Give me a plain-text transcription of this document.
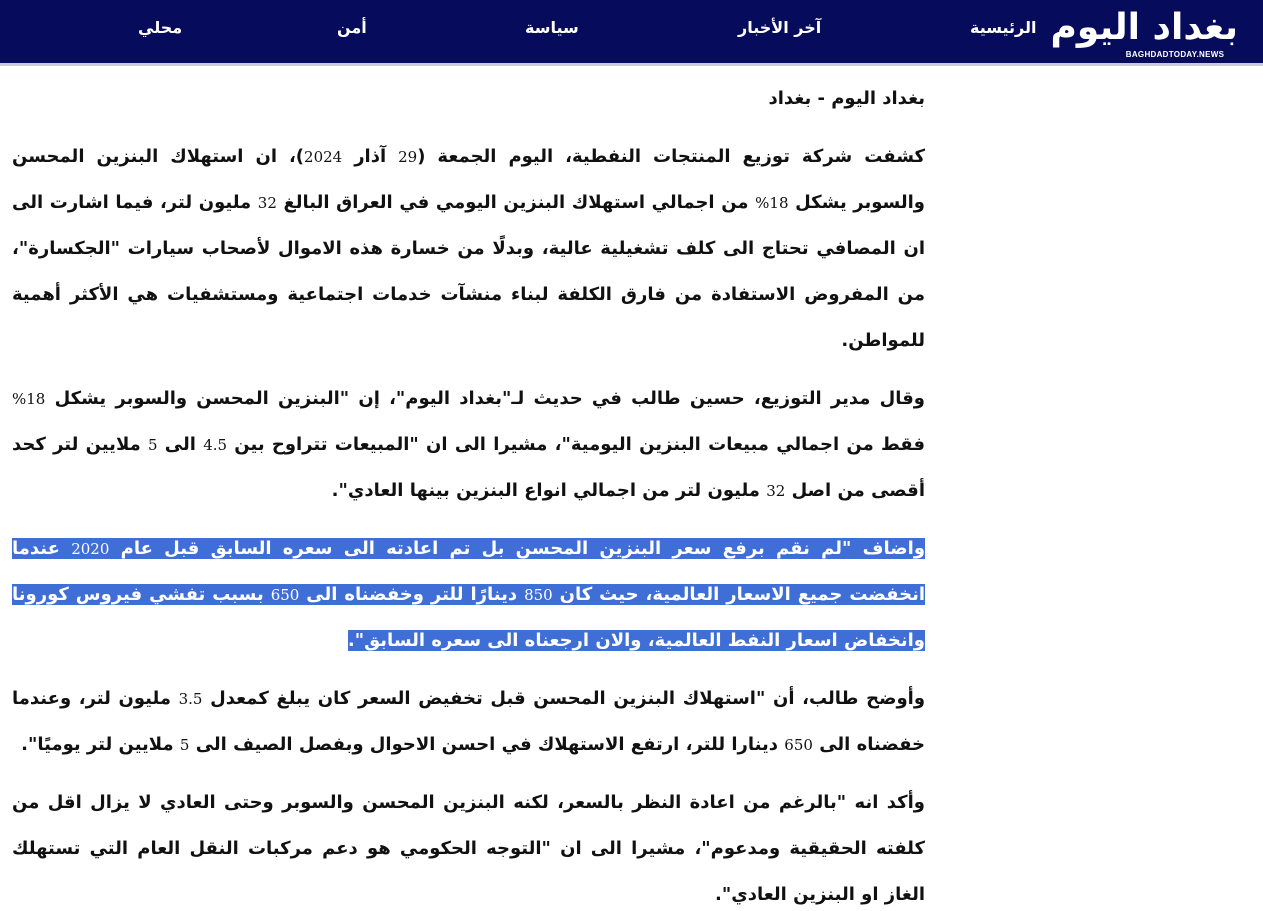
بغداد اليوم
BAGHDADTODAY.NEWS
الرئيسية
آخر الأخبار
سياسة
أمن
محلي

بغداد اليوم - بغداد

كشفت شركة توزيع المنتجات النفطية، اليوم الجمعة (29 آذار 2024)، ان استهلاك البنزين المحسن والسوبر يشكل 18% من اجمالي استهلاك البنزين اليومي في العراق البالغ 32 مليون لتر، فيما اشارت الى ان المصافي تحتاج الى كلف تشغيلية عالية، وبدلًا من خسارة هذه الاموال لأصحاب سيارات "الجكسارة"، من المفروض الاستفادة من فارق الكلفة لبناء منشآت خدمات اجتماعية ومستشفيات هي الأكثر أهمية للمواطن.

وقال مدير التوزيع، حسين طالب في حديث لـ"بغداد اليوم"، إن "البنزين المحسن والسوبر يشكل 18% فقط من اجمالي مبيعات البنزين اليومية"، مشيرا الى ان "المبيعات تتراوح بين 4.5 الى 5 ملايين لتر كحد أقصى من اصل 32 مليون لتر من اجمالي انواع البنزين بينها العادي".

واضاف "لم نقم برفع سعر البنزين المحسن بل تم اعادته الى سعره السابق قبل عام 2020 عندما انخفضت جميع الاسعار العالمية، حيث كان 850 دينارًا للتر وخفضناه الى 650 بسبب تفشي فيروس كورونا وانخفاض اسعار النفط العالمية، والان ارجعناه الى سعره السابق".

وأوضح طالب، أن "استهلاك البنزين المحسن قبل تخفيض السعر كان يبلغ كمعدل 3.5 مليون لتر، وعندما خفضناه الى 650 دينارا للتر، ارتفع الاستهلاك في احسن الاحوال وبفصل الصيف الى 5 ملايين لتر يوميًا".

وأكد انه "بالرغم من اعادة النظر بالسعر، لكنه البنزين المحسن والسوبر وحتى العادي لا يزال اقل من كلفته الحقيقية ومدعوم"، مشيرا الى ان "التوجه الحكومي هو دعم مركبات النقل العام التي تستهلك الغاز او البنزين العادي".
